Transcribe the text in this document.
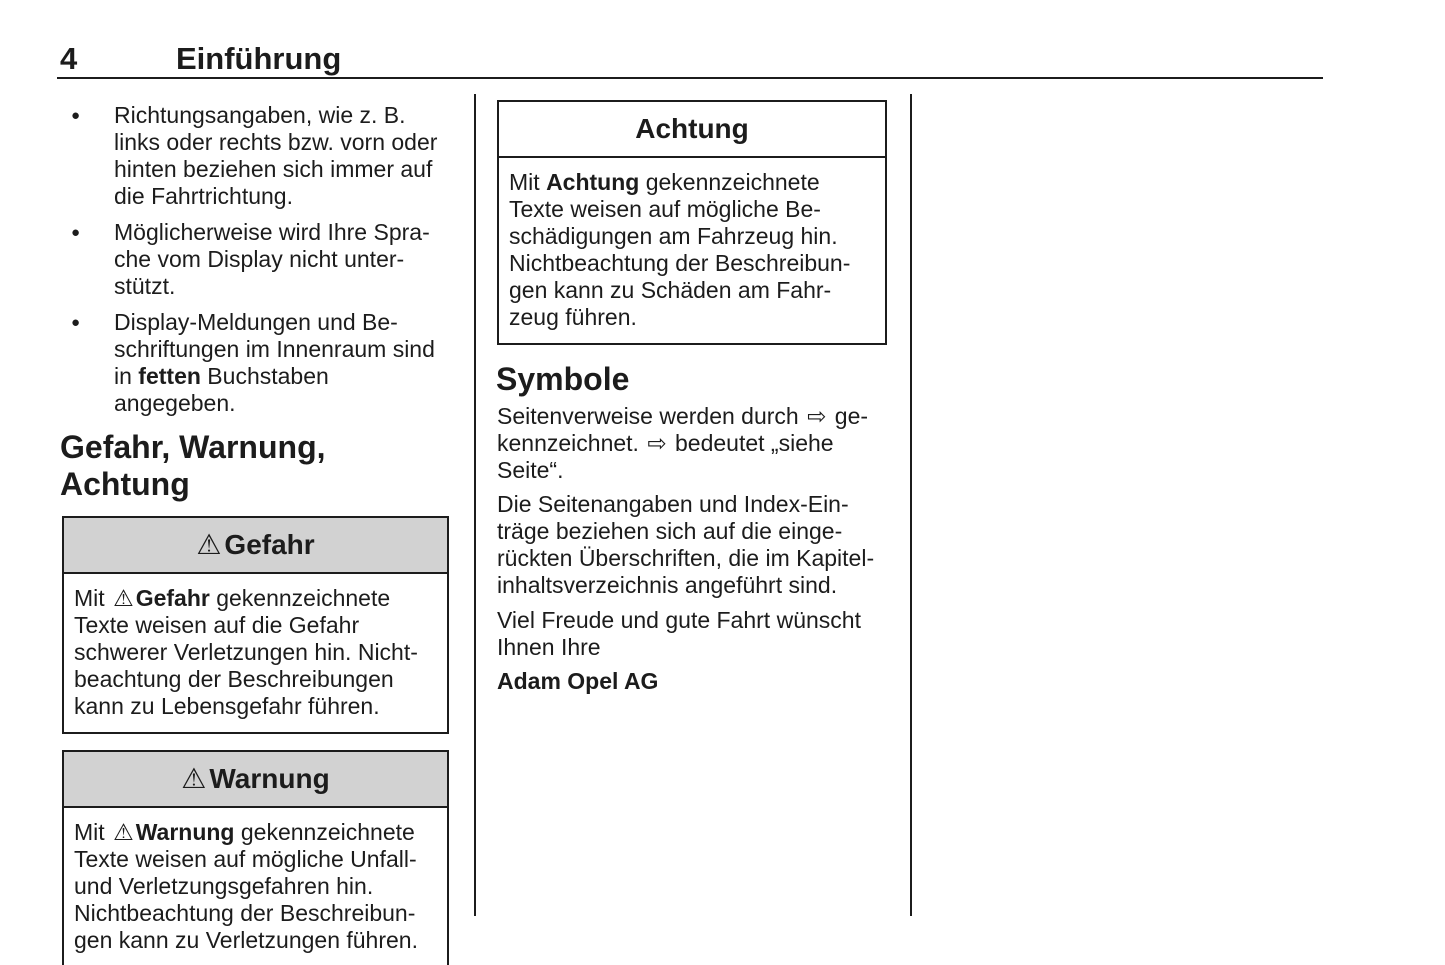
4	Einführung
●	Richtungsangaben, wie z. B.
links oder rechts bzw. vorn oder
hinten beziehen sich immer auf
die Fahrtrichtung.
●	Möglicherweise wird Ihre Spra-
che vom Display nicht unter-
stützt.
●	Display-Meldungen und Be-
schriftungen im Innenraum sind
in fetten Buchstaben angegeben.
Gefahr, Warnung, Achtung
⚠ Gefahr
Mit ⚠Gefahr gekennzeichnete
Texte weisen auf die Gefahr
schwerer Verletzungen hin. Nicht-
beachtung der Beschreibungen
kann zu Lebensgefahr führen.
⚠ Warnung
Mit ⚠Warnung gekennzeichnete
Texte weisen auf mögliche Unfall-
und Verletzungsgefahren hin.
Nichtbeachtung der Beschreibun-
gen kann zu Verletzungen führen.
Achtung
Mit Achtung gekennzeichnete
Texte weisen auf mögliche Be-
schädigungen am Fahrzeug hin.
Nichtbeachtung der Beschreibun-
gen kann zu Schäden am Fahr-
zeug führen.
Symbole
Seitenverweise werden durch ⇨ ge-
kennzeichnet. ⇨ bedeutet „siehe
Seite“.
Die Seitenangaben und Index-Ein-
träge beziehen sich auf die einge-
rückten Überschriften, die im Kapitel-
inhaltsverzeichnis angeführt sind.
Viel Freude und gute Fahrt wünscht
Ihnen Ihre
Adam Opel AG
